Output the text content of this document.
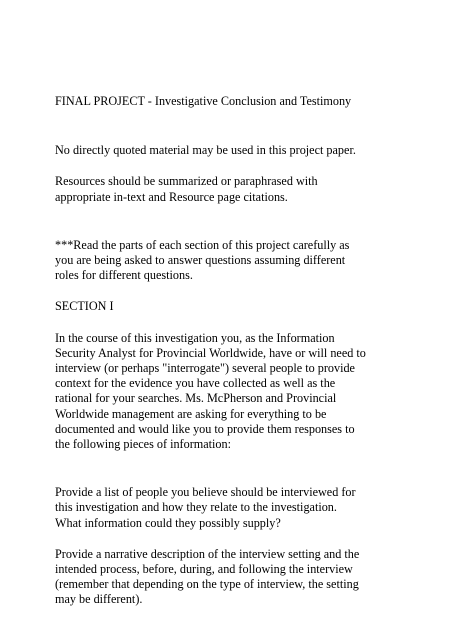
FINAL PROJECT - Investigative Conclusion and Testimony

No directly quoted material may be used in this project paper.

Resources should be summarized or paraphrased with
appropriate in-text and Resource page citations.

***Read the parts of each section of this project carefully as
you are being asked to answer questions assuming different
roles for different questions.

SECTION I

In the course of this investigation you, as the Information
Security Analyst for Provincial Worldwide, have or will need to
interview (or perhaps "interrogate") several people to provide
context for the evidence you have collected as well as the
rational for your searches. Ms. McPherson and Provincial
Worldwide management are asking for everything to be
documented and would like you to provide them responses to
the following pieces of information:

Provide a list of people you believe should be interviewed for
this investigation and how they relate to the investigation.
What information could they possibly supply?

Provide a narrative description of the interview setting and the
intended process, before, during, and following the interview
(remember that depending on the type of interview, the setting
may be different).
